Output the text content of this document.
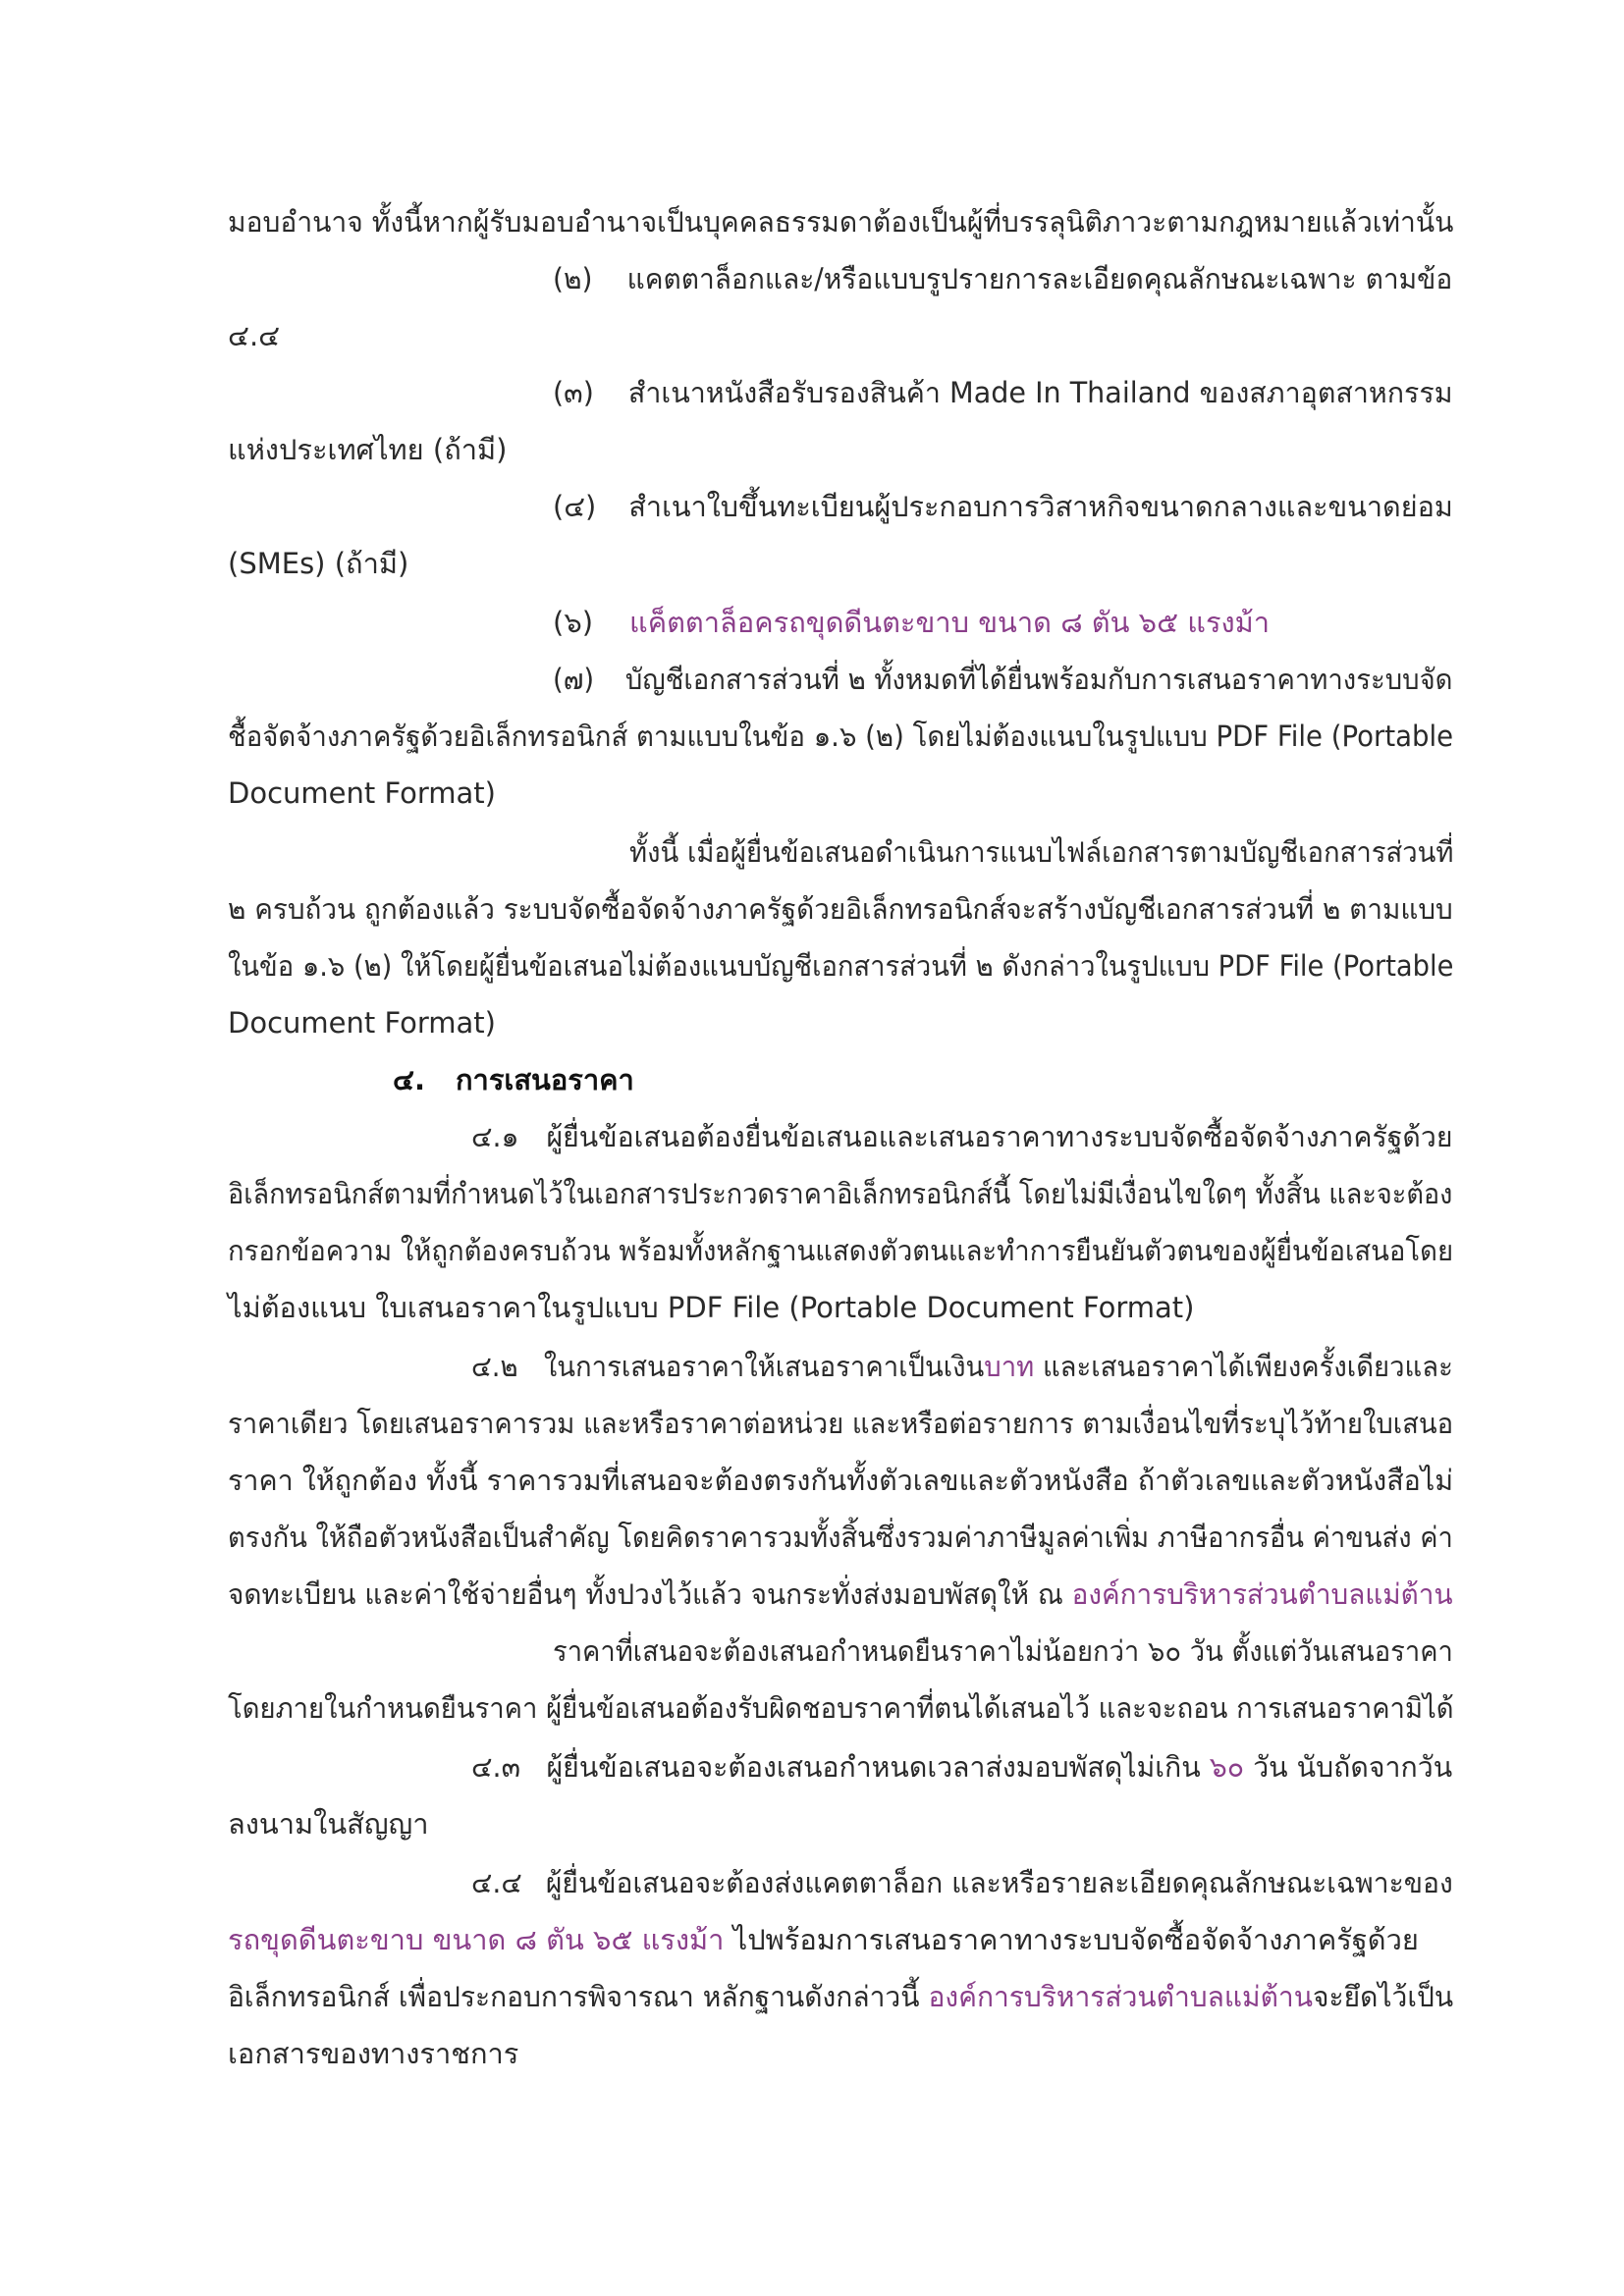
มอบอำนาจ ทั้งนี้หากผู้รับมอบอำนาจเป็นบุคคลธรรมดาต้องเป็นผู้ที่บรรลุนิติภาวะตามกฎหมายแล้วเท่านั้น
(๒) แคตตาล็อกและ/หรือแบบรูปรายการละเอียดคุณลักษณะเฉพาะ ตามข้อ
๔.๔
(๓) สำเนาหนังสือรับรองสินค้า Made In Thailand ของสภาอุตสาหกรรม
แห่งประเทศไทย (ถ้ามี)
(๔) สำเนาใบขึ้นทะเบียนผู้ประกอบการวิสาหกิจขนาดกลางและขนาดย่อม
(SMEs) (ถ้ามี)
(๖) แค็ตตาล็อครถขุดดีนตะขาบ ขนาด ๘ ตัน ๖๕ แรงม้า
(๗) บัญชีเอกสารส่วนที่ ๒ ทั้งหมดที่ได้ยื่นพร้อมกับการเสนอราคาทางระบบจัด
ชื้อจัดจ้างภาครัฐด้วยอิเล็กทรอนิกส์ ตามแบบในข้อ ๑.๖ (๒) โดยไม่ต้องแนบในรูปแบบ PDF File (Portable
Document Format)
ทั้งนี้ เมื่อผู้ยื่นข้อเสนอดำเนินการแนบไฟล์เอกสารตามบัญชีเอกสารส่วนที่
๒ ครบถ้วน ถูกต้องแล้ว ระบบจัดซื้อจัดจ้างภาครัฐด้วยอิเล็กทรอนิกส์จะสร้างบัญชีเอกสารส่วนที่ ๒ ตามแบบ
ในข้อ ๑.๖ (๒) ให้โดยผู้ยื่นข้อเสนอไม่ต้องแนบบัญชีเอกสารส่วนที่ ๒ ดังกล่าวในรูปแบบ PDF File (Portable
Document Format)
๔. การเสนอราคา
๔.๑ ผู้ยื่นข้อเสนอต้องยื่นข้อเสนอและเสนอราคาทางระบบจัดซื้อจัดจ้างภาครัฐด้วย
อิเล็กทรอนิกส์ตามที่กำหนดไว้ในเอกสารประกวดราคาอิเล็กทรอนิกส์นี้ โดยไม่มีเงื่อนไขใดๆ ทั้งสิ้น และจะต้อง
กรอกข้อความ ให้ถูกต้องครบถ้วน พร้อมทั้งหลักฐานแสดงตัวตนและทำการยืนยันตัวตนของผู้ยื่นข้อเสนอโดย
ไม่ต้องแนบ ใบเสนอราคาในรูปแบบ PDF File (Portable Document Format)
๔.๒ ในการเสนอราคาให้เสนอราคาเป็นเงินบาท และเสนอราคาได้เพียงครั้งเดียวและ
ราคาเดียว โดยเสนอราคารวม และหรือราคาต่อหน่วย และหรือต่อรายการ ตามเงื่อนไขที่ระบุไว้ท้ายใบเสนอ
ราคา ให้ถูกต้อง ทั้งนี้ ราคารวมที่เสนอจะต้องตรงกันทั้งตัวเลขและตัวหนังสือ ถ้าตัวเลขและตัวหนังสือไม่
ตรงกัน ให้ถือตัวหนังสือเป็นสำคัญ โดยคิดราคารวมทั้งสิ้นซึ่งรวมค่าภาษีมูลค่าเพิ่ม ภาษีอากรอื่น ค่าขนส่ง ค่า
จดทะเบียน และค่าใช้จ่ายอื่นๆ ทั้งปวงไว้แล้ว จนกระทั่งส่งมอบพัสดุให้ ณ องค์การบริหารส่วนตำบลแม่ต้าน
ราคาที่เสนอจะต้องเสนอกำหนดยืนราคาไม่น้อยกว่า ๖๐ วัน ตั้งแต่วันเสนอราคา
โดยภายในกำหนดยืนราคา ผู้ยื่นข้อเสนอต้องรับผิดชอบราคาที่ตนได้เสนอไว้ และจะถอน การเสนอราคามิได้
๔.๓ ผู้ยื่นข้อเสนอจะต้องเสนอกำหนดเวลาส่งมอบพัสดุไม่เกิน ๖๐ วัน นับถัดจากวัน
ลงนามในสัญญา
๔.๔ ผู้ยื่นข้อเสนอจะต้องส่งแคตตาล็อก และหรือรายละเอียดคุณลักษณะเฉพาะของ
รถขุดดีนตะขาบ ขนาด ๘ ตัน ๖๕ แรงม้า ไปพร้อมการเสนอราคาทางระบบจัดซื้อจัดจ้างภาครัฐด้วย
อิเล็กทรอนิกส์ เพื่อประกอบการพิจารณา หลักฐานดังกล่าวนี้ องค์การบริหารส่วนตำบลแม่ต้านจะยึดไว้เป็น
เอกสารของทางราชการ
